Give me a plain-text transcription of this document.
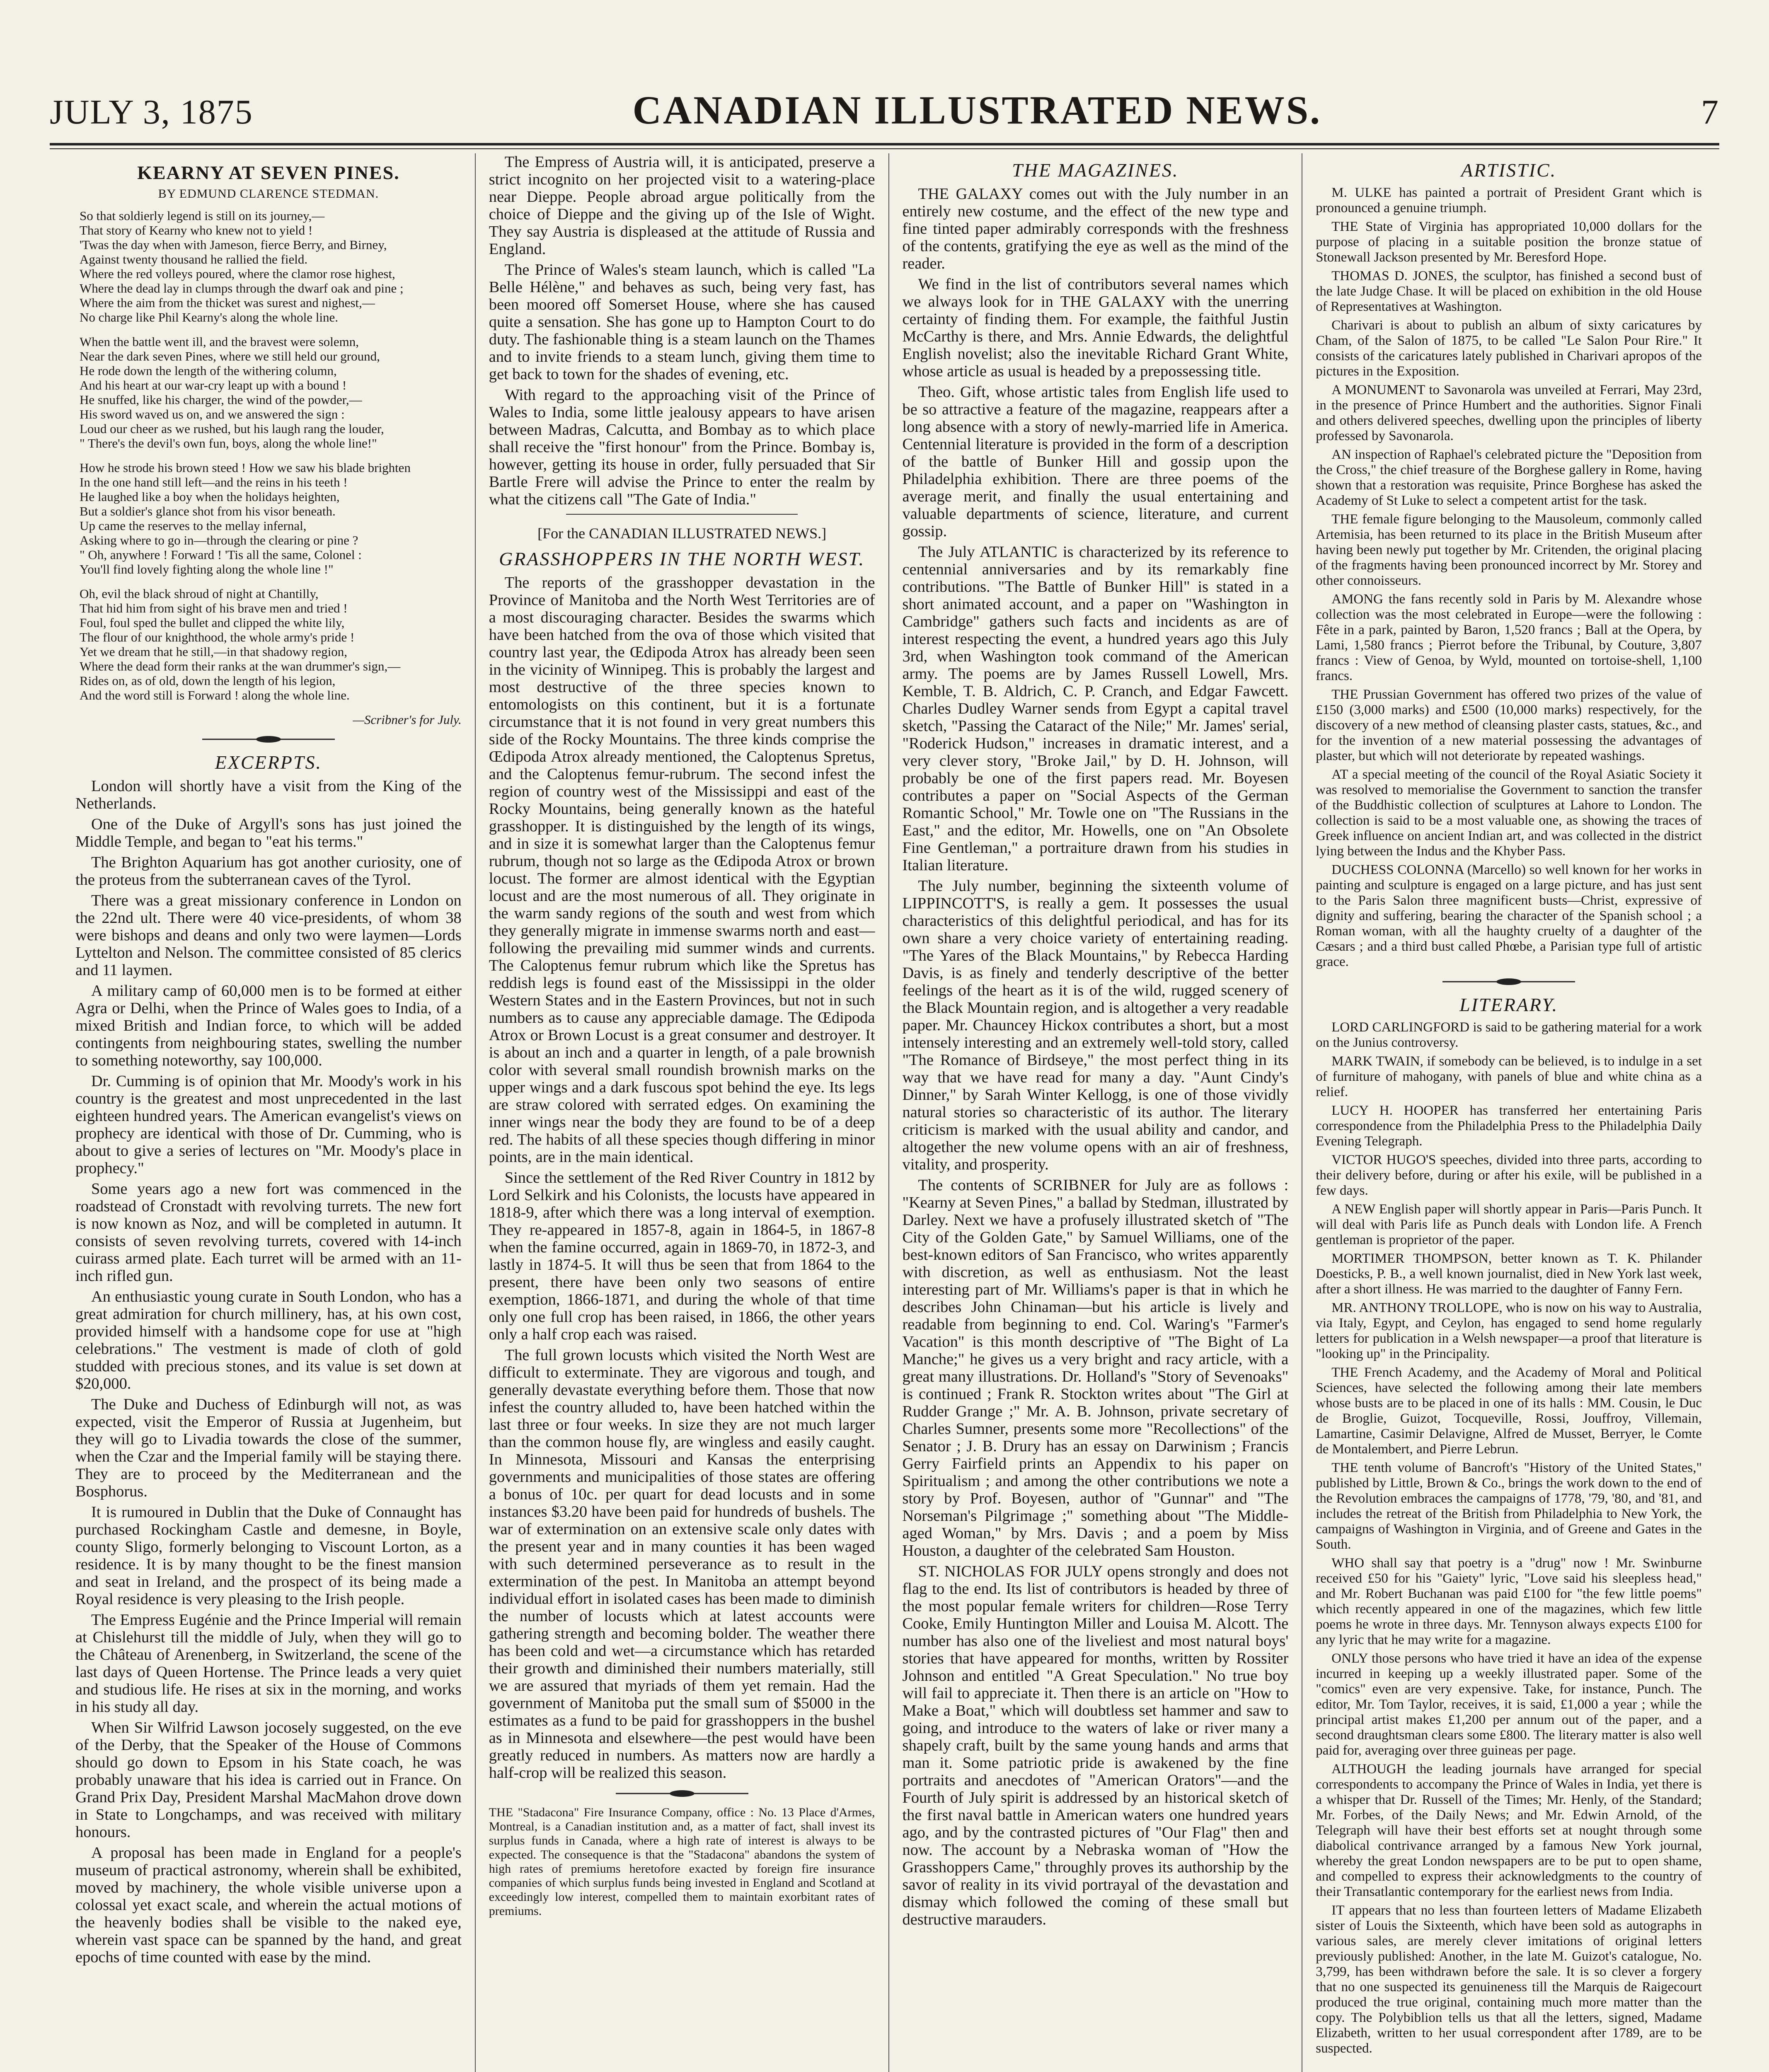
JULY 3, 1875	CANADIAN ILLUSTRATED NEWS.	7
KEARNY AT SEVEN PINES.
BY EDMUND CLARENCE STEDMAN.
So that soldierly legend is still on its journey,—
That story of Kearny who knew not to yield !
'Twas the day when with Jameson, fierce Berry, and Birney,
Against twenty thousand he rallied the field.
Where the red volleys poured, where the clamor rose highest,
Where the dead lay in clumps through the dwarf oak and pine ;
Where the aim from the thicket was surest and nighest,—
No charge like Phil Kearny's along the whole line.
When the battle went ill, and the bravest were solemn,
Near the dark seven Pines, where we still held our ground,
He rode down the length of the withering column,
And his heart at our war-cry leapt up with a bound !
He snuffed, like his charger, the wind of the powder,—
His sword waved us on, and we answered the sign :
Loud our cheer as we rushed, but his laugh rang the louder,
" There's the devil's own fun, boys, along the whole line!"
How he strode his brown steed ! How we saw his blade brighten
In the one hand still left—and the reins in his teeth !
He laughed like a boy when the holidays heighten,
But a soldier's glance shot from his visor beneath.
Up came the reserves to the mellay infernal,
Asking where to go in—through the clearing or pine ?
" Oh, anywhere ! Forward ! 'Tis all the same, Colonel :
You'll find lovely fighting along the whole line !"
Oh, evil the black shroud of night at Chantilly,
That hid him from sight of his brave men and tried !
Foul, foul sped the bullet and clipped the white lily,
The flour of our knighthood, the whole army's pride !
Yet we dream that he still,—in that shadowy region,
Where the dead form their ranks at the wan drummer's sign,—
Rides on, as of old, down the length of his legion,
And the word still is Forward ! along the whole line.
—Scribner's for July.
EXCERPTS.

London will shortly have a visit from the King of the Netherlands.

One of the Duke of Argyll's sons has just joined the Middle Temple, and began to "eat his terms."

The Brighton Aquarium has got another curiosity, one of the proteus from the subterranean caves of the Tyrol.

There was a great missionary conference in London on the 22nd ult. There were 40 vice-presidents, of whom 38 were bishops and deans and only two were laymen—Lords Lyttelton and Nelson. The committee consisted of 85 clerics and 11 laymen.

A military camp of 60,000 men is to be formed at either Agra or Delhi, when the Prince of Wales goes to India, of a mixed British and Indian force, to which will be added contingents from neighbouring states, swelling the number to something noteworthy, say 100,000.

Dr. Cumming is of opinion that Mr. Moody's work in his country is the greatest and most unprecedented in the last eighteen hundred years. The American evangelist's views on prophecy are identical with those of Dr. Cumming, who is about to give a series of lectures on "Mr. Moody's place in prophecy."

Some years ago a new fort was commenced in the roadstead of Cronstadt with revolving turrets. The new fort is now known as Noz, and will be completed in autumn. It consists of seven revolving turrets, covered with 14-inch cuirass armed plate. Each turret will be armed with an 11-inch rifled gun.

An enthusiastic young curate in South London, who has a great admiration for church millinery, has, at his own cost, provided himself with a handsome cope for use at "high celebrations." The vestment is made of cloth of gold studded with precious stones, and its value is set down at $20,000.

The Duke and Duchess of Edinburgh will not, as was expected, visit the Emperor of Russia at Jugenheim, but they will go to Livadia towards the close of the summer, when the Czar and the Imperial family will be staying there. They are to proceed by the Mediterranean and the Bosphorus.

It is rumoured in Dublin that the Duke of Connaught has purchased Rockingham Castle and demesne, in Boyle, county Sligo, formerly belonging to Viscount Lorton, as a residence. It is by many thought to be the finest mansion and seat in Ireland, and the prospect of its being made a Royal residence is very pleasing to the Irish people.

The Empress Eugénie and the Prince Imperial will remain at Chislehurst till the middle of July, when they will go to the Château of Arenenberg, in Switzerland, the scene of the last days of Queen Hortense. The Prince leads a very quiet and studious life. He rises at six in the morning, and works in his study all day.

When Sir Wilfrid Lawson jocosely suggested, on the eve of the Derby, that the Speaker of the House of Commons should go down to Epsom in his State coach, he was probably unaware that his idea is carried out in France. On Grand Prix Day, President Marshal MacMahon drove down in State to Longchamps, and was received with military honours.

A proposal has been made in England for a people's museum of practical astronomy, wherein shall be exhibited, moved by machinery, the whole visible universe upon a colossal yet exact scale, and wherein the actual motions of the heavenly bodies shall be visible to the naked eye, wherein vast space can be spanned by the hand, and great epochs of time counted with ease by the mind.

The Empress of Austria will, it is anticipated, preserve a strict incognito on her projected visit to a watering-place near Dieppe. People abroad argue politically from the choice of Dieppe and the giving up of the Isle of Wight. They say Austria is displeased at the attitude of Russia and England.

The Prince of Wales's steam launch, which is called "La Belle Hélène," and behaves as such, being very fast, has been moored off Somerset House, where she has caused quite a sensation. She has gone up to Hampton Court to do duty. The fashionable thing is a steam launch on the Thames and to invite friends to a steam lunch, giving them time to get back to town for the shades of evening, etc.

With regard to the approaching visit of the Prince of Wales to India, some little jealousy appears to have arisen between Madras, Calcutta, and Bombay as to which place shall receive the "first honour" from the Prince. Bombay is, however, getting its house in order, fully persuaded that Sir Bartle Frere will advise the Prince to enter the realm by what the citizens call "The Gate of India."

[For the CANADIAN ILLUSTRATED NEWS.]
GRASSHOPPERS IN THE NORTH WEST.

The reports of the grasshopper devastation in the Province of Manitoba and the North West Territories are of a most discouraging character. Besides the swarms which have been hatched from the ova of those which visited that country last year, the Œdipoda Atrox has already been seen in the vicinity of Winnipeg. This is probably the largest and most destructive of the three species known to entomologists on this continent, but it is a fortunate circumstance that it is not found in very great numbers this side of the Rocky Mountains. The three kinds comprise the Œdipoda Atrox already mentioned, the Caloptenus Spretus, and the Caloptenus femur-rubrum. The second infest the region of country west of the Mississippi and east of the Rocky Mountains, being generally known as the hateful grasshopper. It is distinguished by the length of its wings, and in size it is somewhat larger than the Caloptenus femur rubrum, though not so large as the Œdipoda Atrox or brown locust. The former are almost identical with the Egyptian locust and are the most numerous of all. They originate in the warm sandy regions of the south and west from which they generally migrate in immense swarms north and east—following the prevailing mid summer winds and currents. The Caloptenus femur rubrum which like the Spretus has reddish legs is found east of the Mississippi in the older Western States and in the Eastern Provinces, but not in such numbers as to cause any appreciable damage. The Œdipoda Atrox or Brown Locust is a great consumer and destroyer. It is about an inch and a quarter in length, of a pale brownish color with several small roundish brownish marks on the upper wings and a dark fuscous spot behind the eye. Its legs are straw colored with serrated edges. On examining the inner wings near the body they are found to be of a deep red. The habits of all these species though differing in minor points, are in the main identical.

Since the settlement of the Red River Country in 1812 by Lord Selkirk and his Colonists, the locusts have appeared in 1818-9, after which there was a long interval of exemption. They re-appeared in 1857-8, again in 1864-5, in 1867-8 when the famine occurred, again in 1869-70, in 1872-3, and lastly in 1874-5. It will thus be seen that from 1864 to the present, there have been only two seasons of entire exemption, 1866-1871, and during the whole of that time only one full crop has been raised, in 1866, the other years only a half crop each was raised.

The full grown locusts which visited the North West are difficult to exterminate. They are vigorous and tough, and generally devastate everything before them. Those that now infest the country alluded to, have been hatched within the last three or four weeks. In size they are not much larger than the common house fly, are wingless and easily caught. In Minnesota, Missouri and Kansas the enterprising governments and municipalities of those states are offering a bonus of 10c. per quart for dead locusts and in some instances $3.20 have been paid for hundreds of bushels. The war of extermination on an extensive scale only dates with the present year and in many counties it has been waged with such determined perseverance as to result in the extermination of the pest. In Manitoba an attempt beyond individual effort in isolated cases has been made to diminish the number of locusts which at latest accounts were gathering strength and becoming bolder. The weather there has been cold and wet—a circumstance which has retarded their growth and diminished their numbers materially, still we are assured that myriads of them yet remain. Had the government of Manitoba put the small sum of $5000 in the estimates as a fund to be paid for grasshoppers in the bushel as in Minnesota and elsewhere—the pest would have been greatly reduced in numbers. As matters now are hardly a half-crop will be realized this season.

THE "Stadacona" Fire Insurance Company, office : No. 13 Place d'Armes, Montreal, is a Canadian institution and, as a matter of fact, shall invest its surplus funds in Canada, where a high rate of interest is always to be expected. The consequence is that the "Stadacona" abandons the system of high rates of premiums heretofore exacted by foreign fire insurance companies of which surplus funds being invested in England and Scotland at exceedingly low interest, compelled them to maintain exorbitant rates of premiums.
THE MAGAZINES.

THE GALAXY comes out with the July number in an entirely new costume, and the effect of the new type and fine tinted paper admirably corresponds with the freshness of the contents, gratifying the eye as well as the mind of the reader.

We find in the list of contributors several names which we always look for in THE GALAXY with the unerring certainty of finding them. For example, the faithful Justin McCarthy is there, and Mrs. Annie Edwards, the delightful English novelist; also the inevitable Richard Grant White, whose article as usual is headed by a prepossessing title.

Theo. Gift, whose artistic tales from English life used to be so attractive a feature of the magazine, reappears after a long absence with a story of newly-married life in America. Centennial literature is provided in the form of a description of the battle of Bunker Hill and gossip upon the Philadelphia exhibition. There are three poems of the average merit, and finally the usual entertaining and valuable departments of science, literature, and current gossip.

The July ATLANTIC is characterized by its reference to centennial anniversaries and by its remarkably fine contributions. "The Battle of Bunker Hill" is stated in a short animated account, and a paper on "Washington in Cambridge" gathers such facts and incidents as are of interest respecting the event, a hundred years ago this July 3rd, when Washington took command of the American army. The poems are by James Russell Lowell, Mrs. Kemble, T. B. Aldrich, C. P. Cranch, and Edgar Fawcett. Charles Dudley Warner sends from Egypt a capital travel sketch, "Passing the Cataract of the Nile;" Mr. James' serial, "Roderick Hudson," increases in dramatic interest, and a very clever story, "Broke Jail," by D. H. Johnson, will probably be one of the first papers read. Mr. Boyesen contributes a paper on "Social Aspects of the German Romantic School," Mr. Towle one on "The Russians in the East," and the editor, Mr. Howells, one on "An Obsolete Fine Gentleman," a portraiture drawn from his studies in Italian literature.

The July number, beginning the sixteenth volume of LIPPINCOTT'S, is really a gem. It possesses the usual characteristics of this delightful periodical, and has for its own share a very choice variety of entertaining reading. "The Yares of the Black Mountains," by Rebecca Harding Davis, is as finely and tenderly descriptive of the better feelings of the heart as it is of the wild, rugged scenery of the Black Mountain region, and is altogether a very readable paper. Mr. Chauncey Hickox contributes a short, but a most intensely interesting and an extremely well-told story, called "The Romance of Birdseye," the most perfect thing in its way that we have read for many a day. "Aunt Cindy's Dinner," by Sarah Winter Kellogg, is one of those vividly natural stories so characteristic of its author. The literary criticism is marked with the usual ability and candor, and altogether the new volume opens with an air of freshness, vitality, and prosperity.

The contents of SCRIBNER for July are as follows : "Kearny at Seven Pines," a ballad by Stedman, illustrated by Darley. Next we have a profusely illustrated sketch of "The City of the Golden Gate," by Samuel Williams, one of the best-known editors of San Francisco, who writes apparently with discretion, as well as enthusiasm. Not the least interesting part of Mr. Williams's paper is that in which he describes John Chinaman—but his article is lively and readable from beginning to end. Col. Waring's "Farmer's Vacation" is this month descriptive of "The Bight of La Manche;" he gives us a very bright and racy article, with a great many illustrations. Dr. Holland's "Story of Sevenoaks" is continued ; Frank R. Stockton writes about "The Girl at Rudder Grange ;" Mr. A. B. Johnson, private secretary of Charles Sumner, presents some more "Recollections" of the Senator ; J. B. Drury has an essay on Darwinism ; Francis Gerry Fairfield prints an Appendix to his paper on Spiritualism ; and among the other contributions we note a story by Prof. Boyesen, author of "Gunnar" and "The Norseman's Pilgrimage ;" something about "The Middle-aged Woman," by Mrs. Davis ; and a poem by Miss Houston, a daughter of the celebrated Sam Houston.

ST. NICHOLAS FOR JULY opens strongly and does not flag to the end. Its list of contributors is headed by three of the most popular female writers for children—Rose Terry Cooke, Emily Huntington Miller and Louisa M. Alcott. The number has also one of the liveliest and most natural boys' stories that have appeared for months, written by Rossiter Johnson and entitled "A Great Speculation." No true boy will fail to appreciate it. Then there is an article on "How to Make a Boat," which will doubtless set hammer and saw to going, and introduce to the waters of lake or river many a shapely craft, built by the same young hands and arms that man it. Some patriotic pride is awakened by the fine portraits and anecdotes of "American Orators"—and the Fourth of July spirit is addressed by an historical sketch of the first naval battle in American waters one hundred years ago, and by the contrasted pictures of "Our Flag" then and now. The account by a Nebraska woman of "How the Grasshoppers Came," throughly proves its authorship by the savor of reality in its vivid portrayal of the devastation and dismay which followed the coming of these small but destructive marauders.

ARTISTIC.

M. ULKE has painted a portrait of President Grant which is pronounced a genuine triumph.

THE State of Virginia has appropriated 10,000 dollars for the purpose of placing in a suitable position the bronze statue of Stonewall Jackson presented by Mr. Beresford Hope.

THOMAS D. JONES, the sculptor, has finished a second bust of the late Judge Chase. It will be placed on exhibition in the old House of Representatives at Washington.

Charivari is about to publish an album of sixty caricatures by Cham, of the Salon of 1875, to be called "Le Salon Pour Rire." It consists of the caricatures lately published in Charivari apropos of the pictures in the Exposition.

A MONUMENT to Savonarola was unveiled at Ferrari, May 23rd, in the presence of Prince Humbert and the authorities. Signor Finali and others delivered speeches, dwelling upon the principles of liberty professed by Savonarola.

AN inspection of Raphael's celebrated picture the "Deposition from the Cross," the chief treasure of the Borghese gallery in Rome, having shown that a restoration was requisite, Prince Borghese has asked the Academy of St Luke to select a competent artist for the task.

THE female figure belonging to the Mausoleum, commonly called Artemisia, has been returned to its place in the British Museum after having been newly put together by Mr. Critenden, the original placing of the fragments having been pronounced incorrect by Mr. Storey and other connoisseurs.

AMONG the fans recently sold in Paris by M. Alexandre whose collection was the most celebrated in Europe—were the following : Fête in a park, painted by Baron, 1,520 francs ; Ball at the Opera, by Lami, 1,580 francs ; Pierrot before the Tribunal, by Couture, 3,807 francs : View of Genoa, by Wyld, mounted on tortoise-shell, 1,100 francs.

THE Prussian Government has offered two prizes of the value of £150 (3,000 marks) and £500 (10,000 marks) respectively, for the discovery of a new method of cleansing plaster casts, statues, &c., and for the invention of a new material possessing the advantages of plaster, but which will not deteriorate by repeated washings.

AT a special meeting of the council of the Royal Asiatic Society it was resolved to memorialise the Government to sanction the transfer of the Buddhistic collection of sculptures at Lahore to London. The collection is said to be a most valuable one, as showing the traces of Greek influence on ancient Indian art, and was collected in the district lying between the Indus and the Khyber Pass.

DUCHESS COLONNA (Marcello) so well known for her works in painting and sculpture is engaged on a large picture, and has just sent to the Paris Salon three magnificent busts—Christ, expressive of dignity and suffering, bearing the character of the Spanish school ; a Roman woman, with all the haughty cruelty of a daughter of the Cæsars ; and a third bust called Phœbe, a Parisian type full of artistic grace.

LITERARY.

LORD CARLINGFORD is said to be gathering material for a work on the Junius controversy.

MARK TWAIN, if somebody can be believed, is to indulge in a set of furniture of mahogany, with panels of blue and white china as a relief.

LUCY H. HOOPER has transferred her entertaining Paris correspondence from the Philadelphia Press to the Philadelphia Daily Evening Telegraph.

VICTOR HUGO'S speeches, divided into three parts, according to their delivery before, during or after his exile, will be published in a few days.

A NEW English paper will shortly appear in Paris—Paris Punch. It will deal with Paris life as Punch deals with London life. A French gentleman is proprietor of the paper.

MORTIMER THOMPSON, better known as T. K. Philander Doesticks, P. B., a well known journalist, died in New York last week, after a short illness. He was married to the daughter of Fanny Fern.

MR. ANTHONY TROLLOPE, who is now on his way to Australia, via Italy, Egypt, and Ceylon, has engaged to send home regularly letters for publication in a Welsh newspaper—a proof that literature is "looking up" in the Principality.

THE French Academy, and the Academy of Moral and Political Sciences, have selected the following among their late members whose busts are to be placed in one of its halls : MM. Cousin, le Duc de Broglie, Guizot, Tocqueville, Rossi, Jouffroy, Villemain, Lamartine, Casimir Delavigne, Alfred de Musset, Berryer, le Comte de Montalembert, and Pierre Lebrun.

THE tenth volume of Bancroft's "History of the United States," published by Little, Brown & Co., brings the work down to the end of the Revolution embraces the campaigns of 1778, '79, '80, and '81, and includes the retreat of the British from Philadelphia to New York, the campaigns of Washington in Virginia, and of Greene and Gates in the South.

WHO shall say that poetry is a "drug" now ! Mr. Swinburne received £50 for his "Gaiety" lyric, "Love said his sleepless head," and Mr. Robert Buchanan was paid £100 for "the few little poems" which recently appeared in one of the magazines, which few little poems he wrote in three days. Mr. Tennyson always expects £100 for any lyric that he may write for a magazine.

ONLY those persons who have tried it have an idea of the expense incurred in keeping up a weekly illustrated paper. Some of the "comics" even are very expensive. Take, for instance, Punch. The editor, Mr. Tom Taylor, receives, it is said, £1,000 a year ; while the principal artist makes £1,200 per annum out of the paper, and a second draughtsman clears some £800. The literary matter is also well paid for, averaging over three guineas per page.

ALTHOUGH the leading journals have arranged for special correspondents to accompany the Prince of Wales in India, yet there is a whisper that Dr. Russell of the Times; Mr. Henly, of the Standard; Mr. Forbes, of the Daily News; and Mr. Edwin Arnold, of the Telegraph will have their best efforts set at nought through some diabolical contrivance arranged by a famous New York journal, whereby the great London newspapers are to be put to open shame, and compelled to express their acknowledgments to the country of their Transatlantic contemporary for the earliest news from India.

IT appears that no less than fourteen letters of Madame Elizabeth sister of Louis the Sixteenth, which have been sold as autographs in various sales, are merely clever imitations of original letters previously published: Another, in the late M. Guizot's catalogue, No. 3,799, has been withdrawn before the sale. It is so clever a forgery that no one suspected its genuineness till the Marquis de Raigecourt produced the true original, containing much more matter than the copy. The Polybiblion tells us that all the letters, signed, Madame Elizabeth, written to her usual correspondent after 1789, are to be suspected.
